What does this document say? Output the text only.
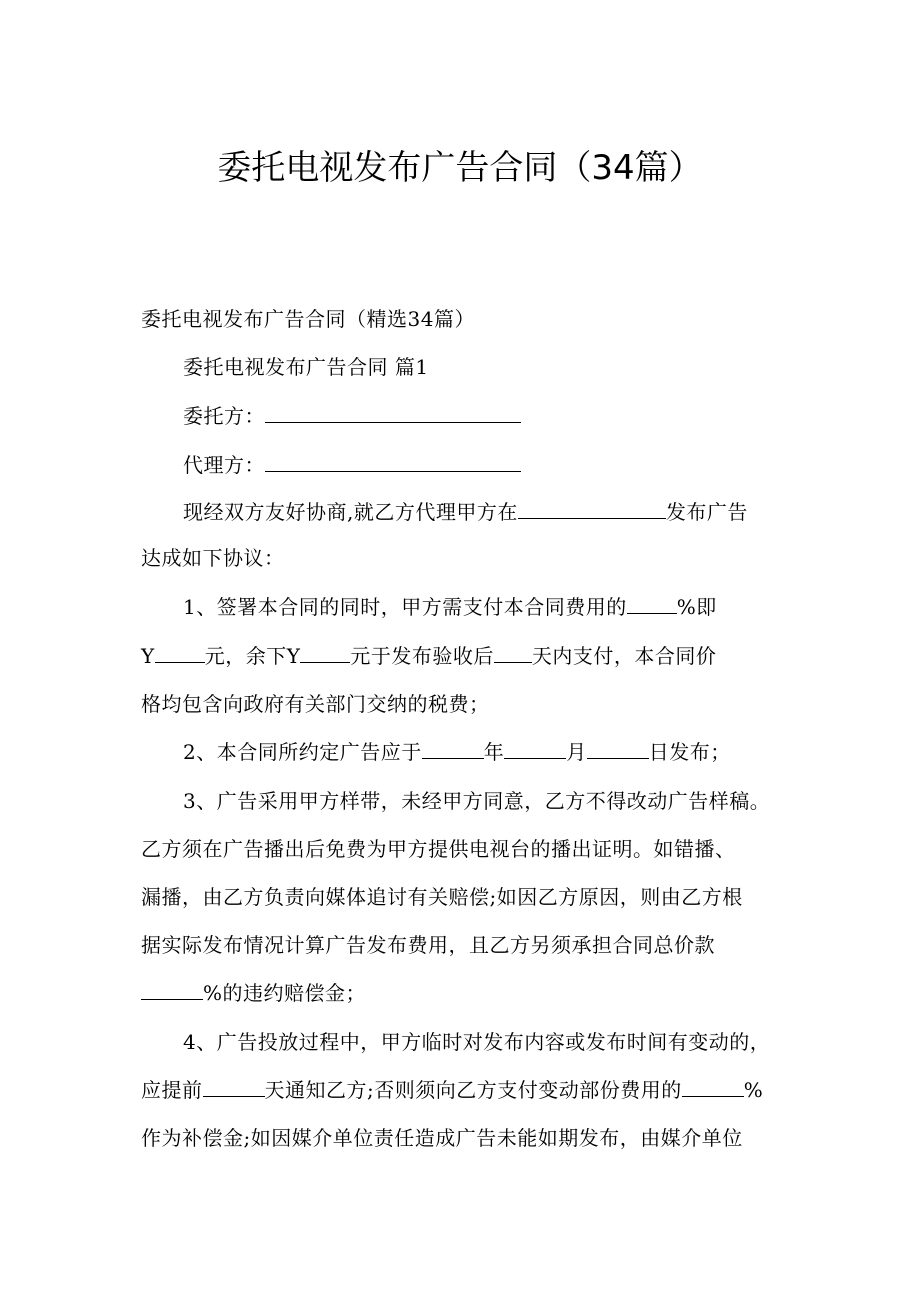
委托电视发布广告合同（34篇）
委托电视发布广告合同（精选34篇）
委托电视发布广告合同 篇1
委托方：
代理方：
现经双方友好协商,就乙方代理甲方在	发布广告
达成如下协议：
1、签署本合同的同时，甲方需支付本合同费用的	%即
Y	元，余下Y	元于发布验收后 天内支付，本合同价
格均包含向政府有关部门交纳的税费；
2、本合同所约定广告应于	年	月	日发布；
3、广告采用甲方样带，未经甲方同意，乙方不得改动广告样稿。
乙方须在广告播出后免费为甲方提供电视台的播出证明。如错播、
漏播，由乙方负责向媒体追讨有关赔偿;如因乙方原因，则由乙方根
据实际发布情况计算广告发布费用，且乙方另须承担合同总价款
%的违约赔偿金；
4、广告投放过程中，甲方临时对发布内容或发布时间有变动的，
应提前	天通知乙方;否则须向乙方支付变动部份费用的	%
作为补偿金;如因媒介单位责任造成广告未能如期发布，由媒介单位
